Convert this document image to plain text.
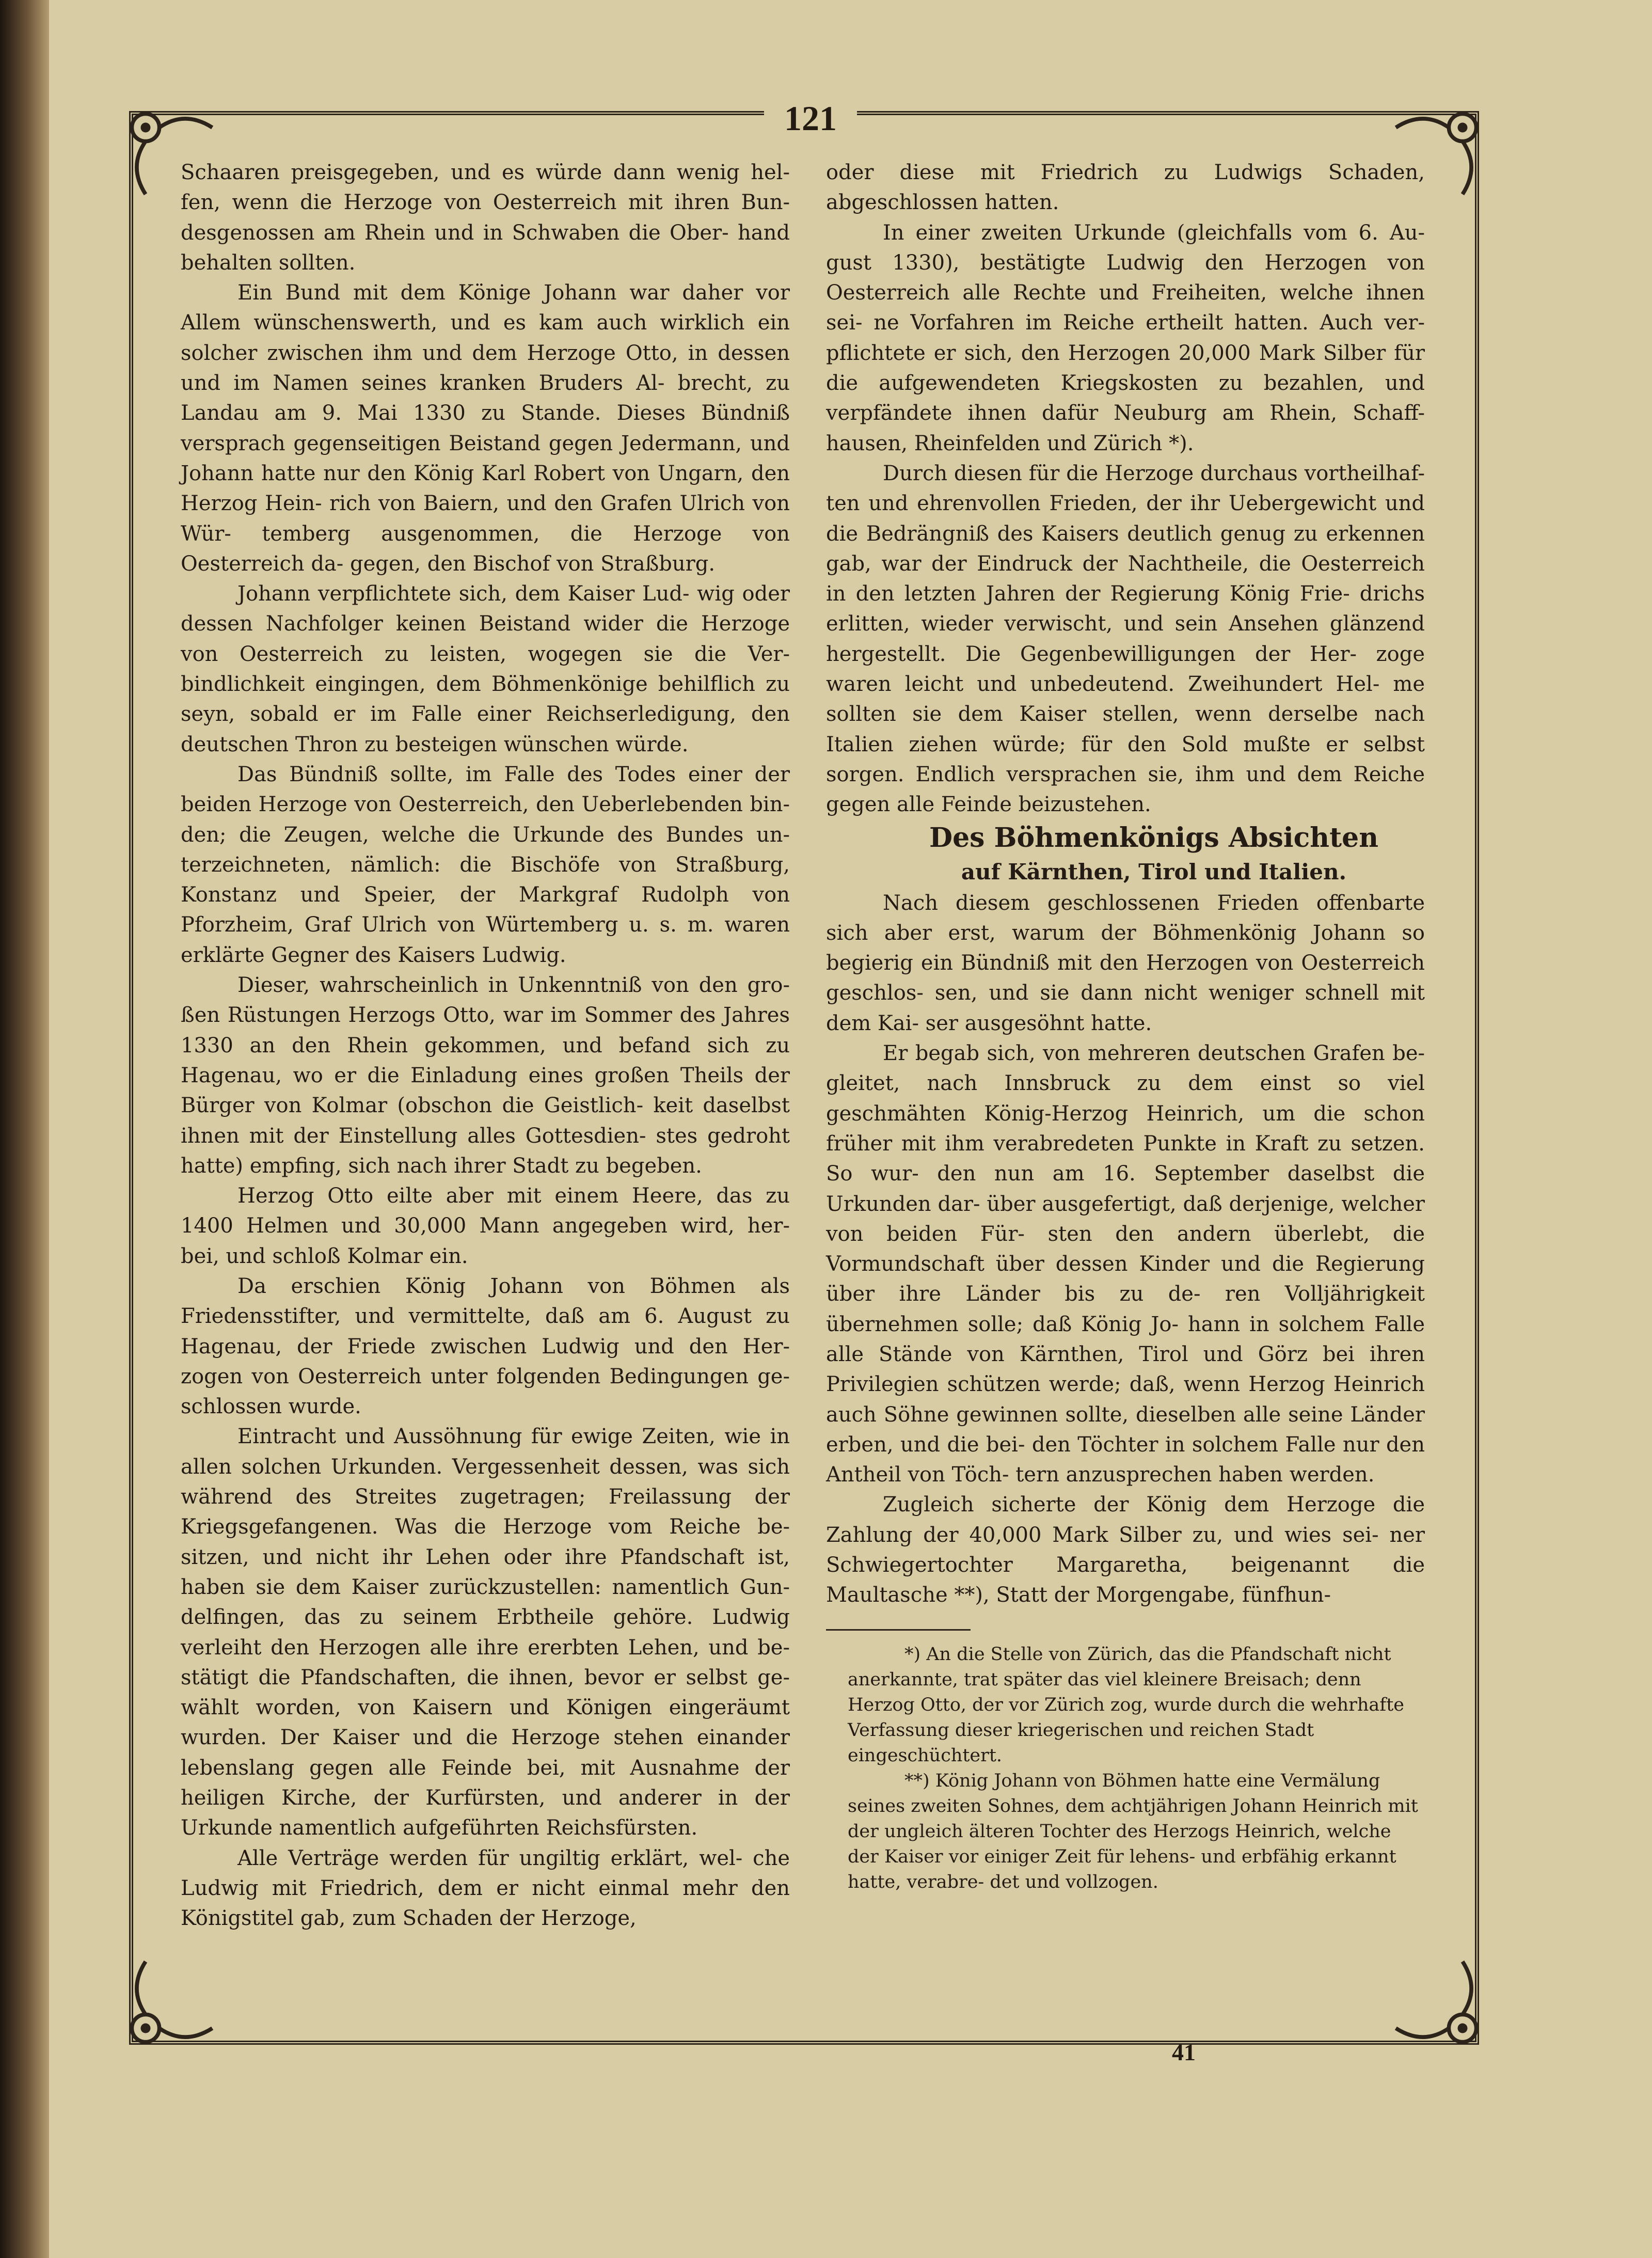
121

Schaaren preisgegeben, und es würde dann wenig hel- fen, wenn die Herzoge von Oesterreich mit ihren Bun- desgenossen am Rhein und in Schwaben die Ober- hand behalten sollten.

Ein Bund mit dem Könige Johann war daher vor Allem wünschenswerth, und es kam auch wirklich ein solcher zwischen ihm und dem Herzoge Otto, in dessen und im Namen seines kranken Bruders Al- brecht, zu Landau am 9. Mai 1330 zu Stande. Dieses Bündniß versprach gegenseitigen Beistand gegen Jedermann, und Johann hatte nur den König Karl Robert von Ungarn, den Herzog Hein- rich von Baiern, und den Grafen Ulrich von Wür- temberg ausgenommen, die Herzoge von Oesterreich da- gegen, den Bischof von Straßburg.

Johann verpflichtete sich, dem Kaiser Lud- wig oder dessen Nachfolger keinen Beistand wider die Herzoge von Oesterreich zu leisten, wogegen sie die Ver- bindlichkeit eingingen, dem Böhmenkönige behilflich zu seyn, sobald er im Falle einer Reichserledigung, den deutschen Thron zu besteigen wünschen würde.

Das Bündniß sollte, im Falle des Todes einer der beiden Herzoge von Oesterreich, den Ueberlebenden bin- den; die Zeugen, welche die Urkunde des Bundes un- terzeichneten, nämlich: die Bischöfe von Straßburg, Konstanz und Speier, der Markgraf Rudolph von Pforzheim, Graf Ulrich von Würtemberg u. s. m. waren erklärte Gegner des Kaisers Ludwig.

Dieser, wahrscheinlich in Unkenntniß von den gro- ßen Rüstungen Herzogs Otto, war im Sommer des Jahres 1330 an den Rhein gekommen, und befand sich zu Hagenau, wo er die Einladung eines großen Theils der Bürger von Kolmar (obschon die Geistlich- keit daselbst ihnen mit der Einstellung alles Gottesdien- stes gedroht hatte) empfing, sich nach ihrer Stadt zu begeben.

Herzog Otto eilte aber mit einem Heere, das zu 1400 Helmen und 30,000 Mann angegeben wird, her- bei, und schloß Kolmar ein.

Da erschien König Johann von Böhmen als Friedensstifter, und vermittelte, daß am 6. August zu Hagenau, der Friede zwischen Ludwig und den Her- zogen von Oesterreich unter folgenden Bedingungen ge- schlossen wurde.

Eintracht und Aussöhnung für ewige Zeiten, wie in allen solchen Urkunden. Vergessenheit dessen, was sich während des Streites zugetragen; Freilassung der Kriegsgefangenen. Was die Herzoge vom Reiche be- sitzen, und nicht ihr Lehen oder ihre Pfandschaft ist, haben sie dem Kaiser zurückzustellen: namentlich Gun- delfingen, das zu seinem Erbtheile gehöre. Ludwig verleiht den Herzogen alle ihre ererbten Lehen, und be- stätigt die Pfandschaften, die ihnen, bevor er selbst ge- wählt worden, von Kaisern und Königen eingeräumt wurden. Der Kaiser und die Herzoge stehen einander lebenslang gegen alle Feinde bei, mit Ausnahme der heiligen Kirche, der Kurfürsten, und anderer in der Urkunde namentlich aufgeführten Reichsfürsten.

Alle Verträge werden für ungiltig erklärt, wel- che Ludwig mit Friedrich, dem er nicht einmal mehr den Königstitel gab, zum Schaden der Herzoge,

oder diese mit Friedrich zu Ludwigs Schaden, abgeschlossen hatten.

In einer zweiten Urkunde (gleichfalls vom 6. Au- gust 1330), bestätigte Ludwig den Herzogen von Oesterreich alle Rechte und Freiheiten, welche ihnen sei- ne Vorfahren im Reiche ertheilt hatten. Auch ver- pflichtete er sich, den Herzogen 20,000 Mark Silber für die aufgewendeten Kriegskosten zu bezahlen, und verpfändete ihnen dafür Neuburg am Rhein, Schaff- hausen, Rheinfelden und Zürich *).

Durch diesen für die Herzoge durchaus vortheilhaf- ten und ehrenvollen Frieden, der ihr Uebergewicht und die Bedrängniß des Kaisers deutlich genug zu erkennen gab, war der Eindruck der Nachtheile, die Oesterreich in den letzten Jahren der Regierung König Frie- drichs erlitten, wieder verwischt, und sein Ansehen glänzend hergestellt. Die Gegenbewilligungen der Her- zoge waren leicht und unbedeutend. Zweihundert Hel- me sollten sie dem Kaiser stellen, wenn derselbe nach Italien ziehen würde; für den Sold mußte er selbst sorgen. Endlich versprachen sie, ihm und dem Reiche gegen alle Feinde beizustehen.

Des Böhmenkönigs Absichten

auf Kärnthen, Tirol und Italien.

Nach diesem geschlossenen Frieden offenbarte sich aber erst, warum der Böhmenkönig Johann so begierig ein Bündniß mit den Herzogen von Oesterreich geschlos- sen, und sie dann nicht weniger schnell mit dem Kai- ser ausgesöhnt hatte.

Er begab sich, von mehreren deutschen Grafen be- gleitet, nach Innsbruck zu dem einst so viel geschmähten König-Herzog Heinrich, um die schon früher mit ihm verabredeten Punkte in Kraft zu setzen. So wur- den nun am 16. September daselbst die Urkunden dar- über ausgefertigt, daß derjenige, welcher von beiden Für- sten den andern überlebt, die Vormundschaft über dessen Kinder und die Regierung über ihre Länder bis zu de- ren Volljährigkeit übernehmen solle; daß König Jo- hann in solchem Falle alle Stände von Kärnthen, Tirol und Görz bei ihren Privilegien schützen werde; daß, wenn Herzog Heinrich auch Söhne gewinnen sollte, dieselben alle seine Länder erben, und die bei- den Töchter in solchem Falle nur den Antheil von Töch- tern anzusprechen haben werden.

Zugleich sicherte der König dem Herzoge die Zahlung der 40,000 Mark Silber zu, und wies sei- ner Schwiegertochter Margaretha, beigenannt die Maultasche **), Statt der Morgengabe, fünfhun-

*) An die Stelle von Zürich, das die Pfandschaft nicht anerkannte, trat später das viel kleinere Breisach; denn Herzog Otto, der vor Zürich zog, wurde durch die wehrhafte Verfassung dieser kriegerischen und reichen Stadt eingeschüchtert.

**) König Johann von Böhmen hatte eine Vermälung seines zweiten Sohnes, dem achtjährigen Johann Heinrich mit der ungleich älteren Tochter des Herzogs Heinrich, welche der Kaiser vor einiger Zeit für lehens- und erbfähig erkannt hatte, verabre- det und vollzogen.

41
